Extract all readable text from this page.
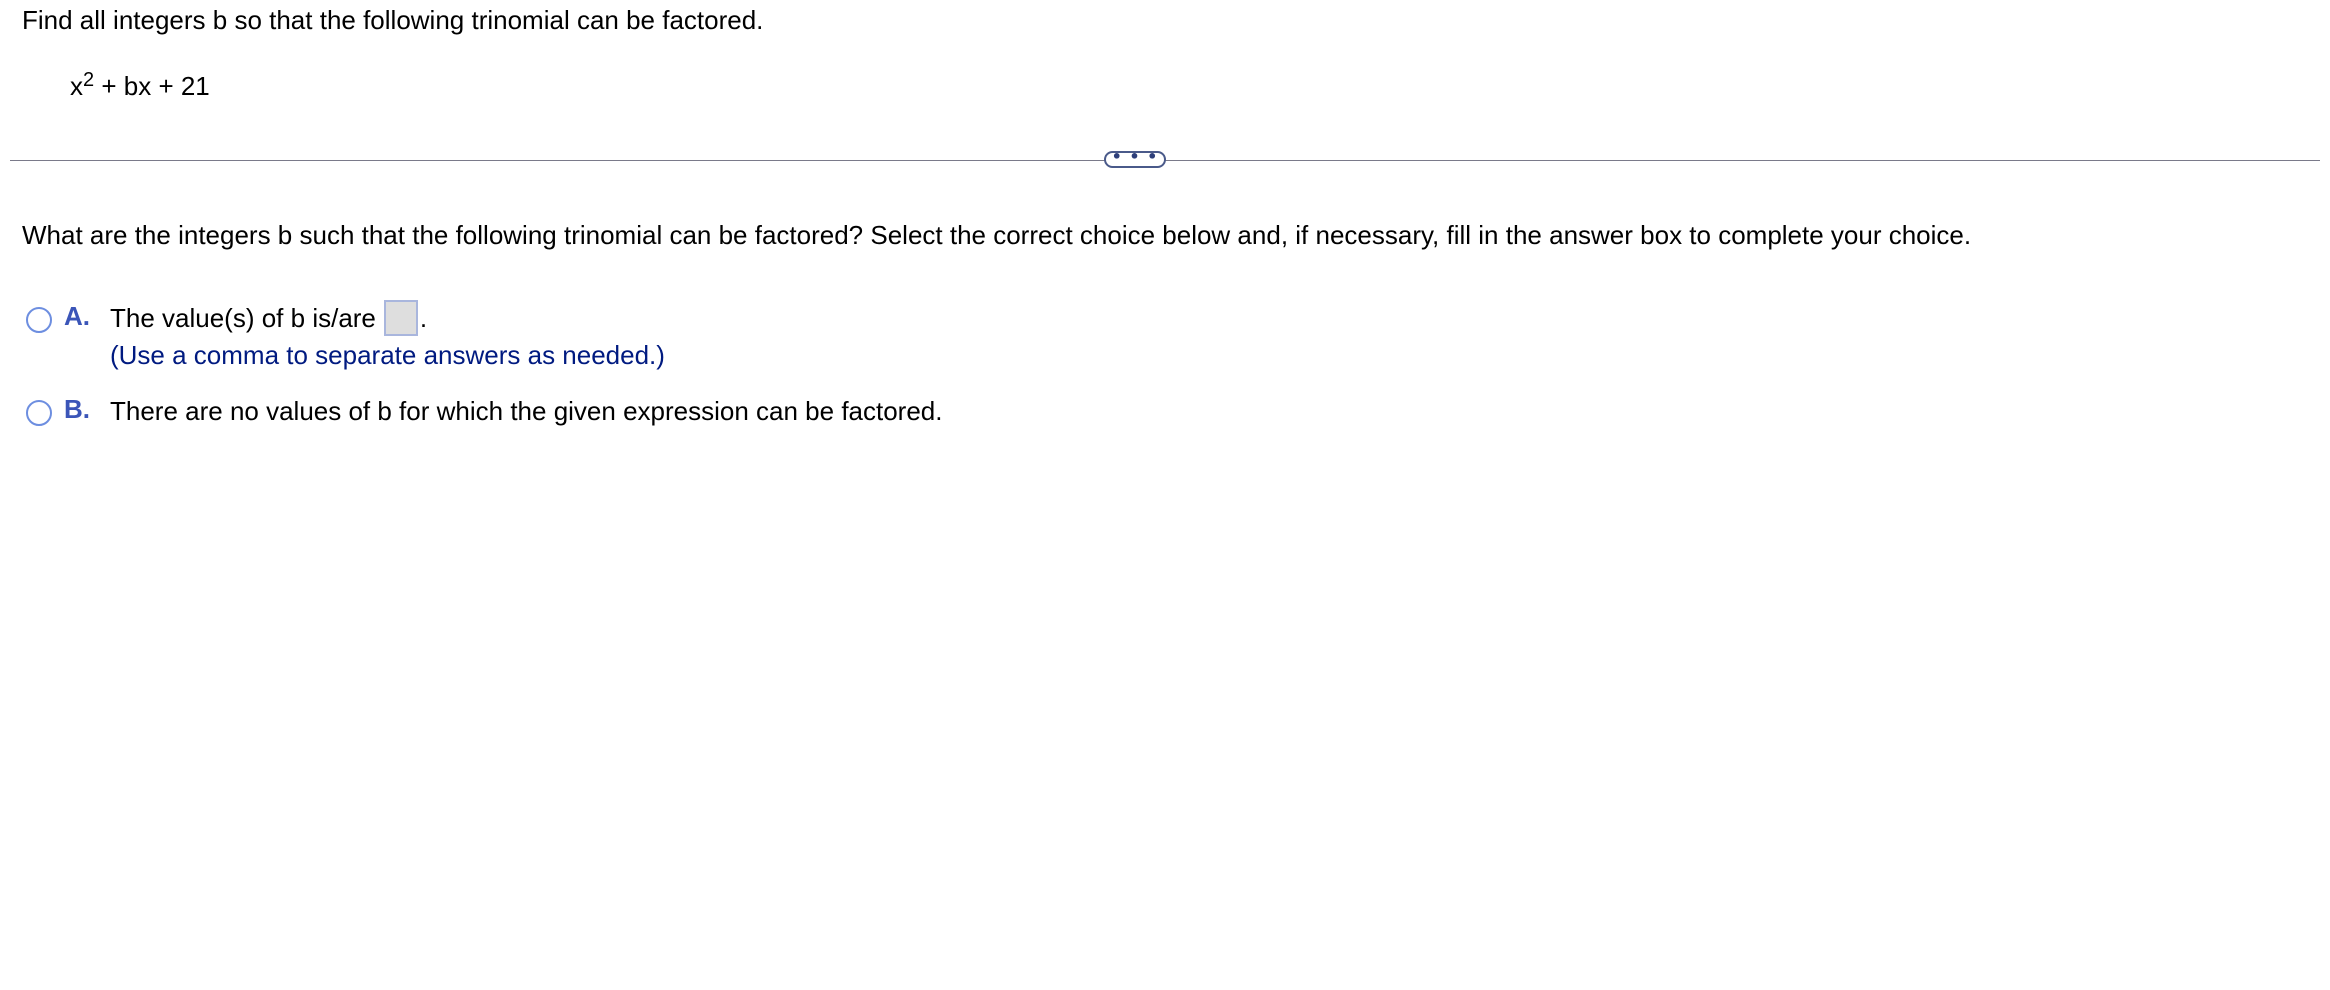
Find all integers b so that the following trinomial can be factored.
$x^2$ + bx + 21
• • •
What are the integers b such that the following trinomial can be factored? Select the correct choice below and, if necessary, fill in the answer box to complete your choice.
A. The value(s) of b is/are .
(Use a comma to separate answers as needed.)
B. There are no values of b for which the given expression can be factored.
